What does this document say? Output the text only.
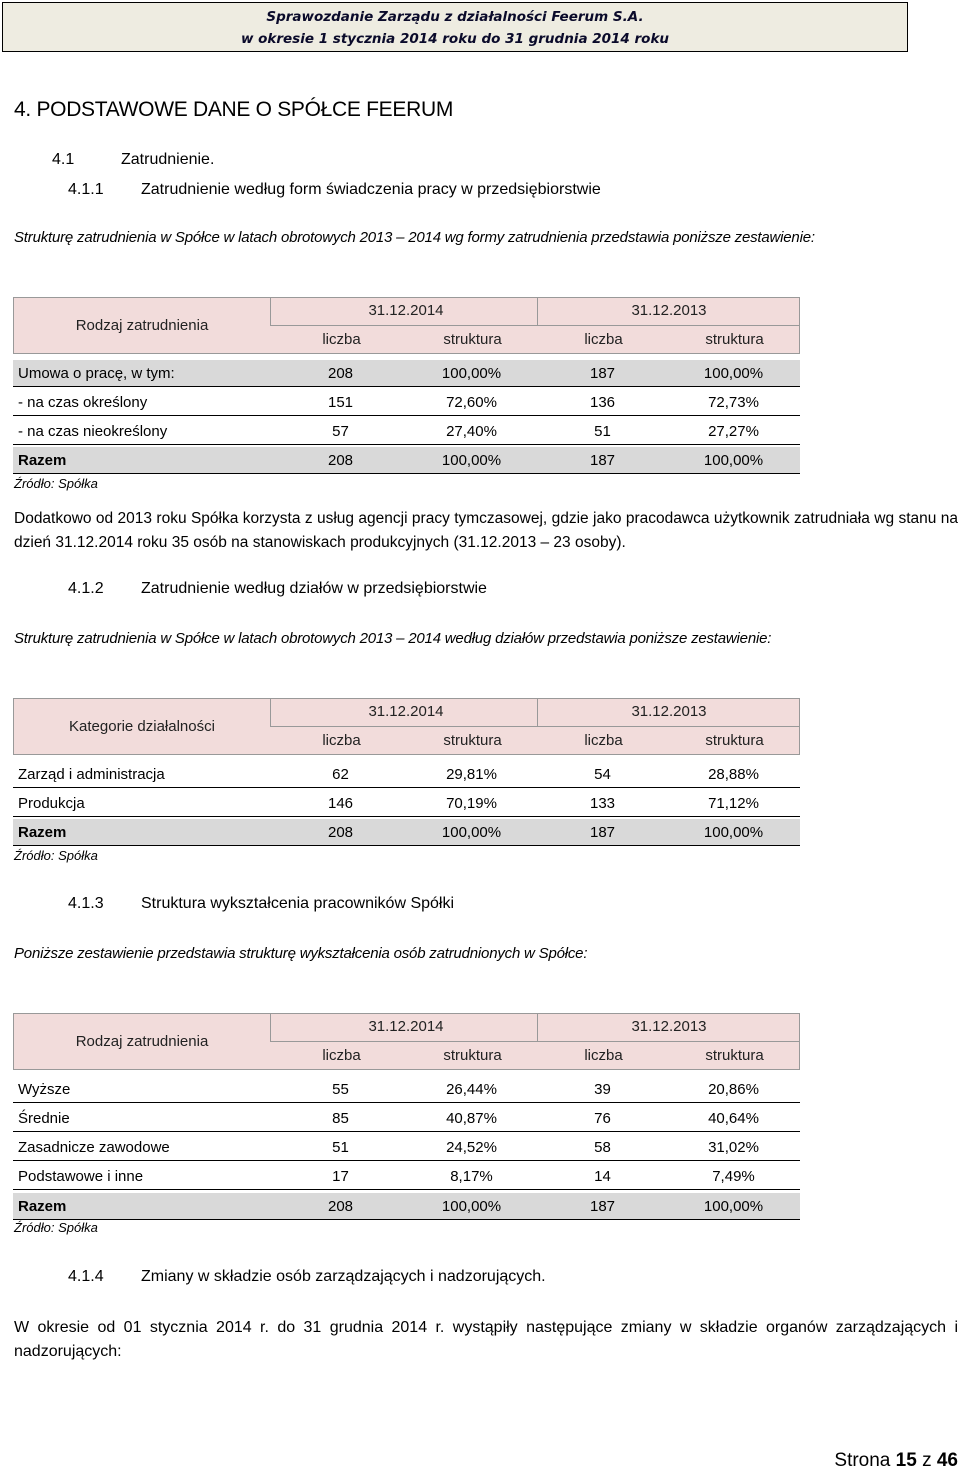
Sprawozdanie Zarządu z działalności Feerum S.A.
w okresie 1 stycznia 2014 roku do 31 grudnia 2014 roku
4. PODSTAWOWE DANE O SPÓŁCE FEERUM
4.1	Zatrudnienie.
4.1.1 Zatrudnienie według form świadczenia pracy w przedsiębiorstwie
Strukturę zatrudnienia w Spółce w latach obrotowych 2013 – 2014 wg formy zatrudnienia przedstawia poniższe zestawienie:
Rodzaj zatrudnienia
31.12.2014	31.12.2013
liczba	struktura	liczba	struktura
Umowa o pracę, w tym:	208	100,00%	187	100,00%
- na czas określony	151	72,60%	136	72,73%
- na czas nieokreślony	57	27,40%	51	27,27%
Razem	208	100,00%	187	100,00%
Źródło: Spółka
Dodatkowo od 2013 roku Spółka korzysta z usług agencji pracy tymczasowej, gdzie jako pracodawca użytkownik zatrudniała wg stanu na dzień 31.12.2014 roku 35 osób na stanowiskach produkcyjnych (31.12.2013 – 23 osoby).
4.1.2 Zatrudnienie według działów w przedsiębiorstwie
Strukturę zatrudnienia w Spółce w latach obrotowych 2013 – 2014 według działów przedstawia poniższe zestawienie:
Kategorie działalności
31.12.2014	31.12.2013
liczba	struktura	liczba	struktura
Zarząd i administracja	62	29,81%	54	28,88%
Produkcja	146	70,19%	133	71,12%
Razem	208	100,00%	187	100,00%
Źródło: Spółka
4.1.3 Struktura wykształcenia pracowników Spółki
Poniższe zestawienie przedstawia strukturę wykształcenia osób zatrudnionych w Spółce:
Rodzaj zatrudnienia
31.12.2014	31.12.2013
liczba	struktura	liczba	struktura
Wyższe	55	26,44%	39	20,86%
Średnie	85	40,87%	76	40,64%
Zasadnicze zawodowe	51	24,52%	58	31,02%
Podstawowe i inne	17	8,17%	14	7,49%
Razem	208	100,00%	187	100,00%
Źródło: Spółka
4.1.4 Zmiany w składzie osób zarządzających i nadzorujących.
W okresie od 01 stycznia 2014 r. do 31 grudnia 2014 r. wystąpiły następujące zmiany w składzie organów zarządzających i nadzorujących:
Strona 15 z 46
